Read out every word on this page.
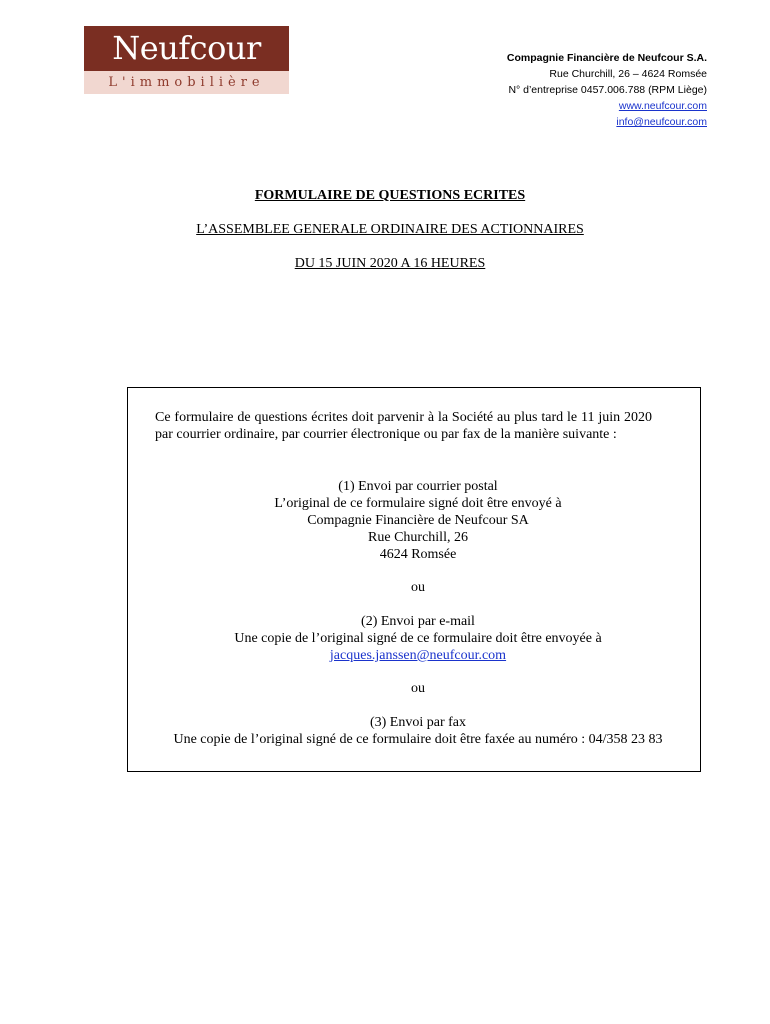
Neufcour
L'immobilière
Compagnie Financière de Neufcour S.A.
Rue Churchill, 26 – 4624 Romsée
N° d’entreprise 0457.006.788 (RPM Liège)
www.neufcour.com
info@neufcour.com
FORMULAIRE DE QUESTIONS ECRITES
L’ASSEMBLEE GENERALE ORDINAIRE DES ACTIONNAIRES
DU 15 JUIN 2020 A 16 HEURES
Ce formulaire de questions écrites doit parvenir à la Société au plus tard le 11 juin 2020 par courrier ordinaire, par courrier électronique ou par fax de la manière suivante :
(1) Envoi par courrier postal
L’original de ce formulaire signé doit être envoyé à
Compagnie Financière de Neufcour SA
Rue Churchill, 26
4624 Romsée
ou
(2) Envoi par e-mail
Une copie de l’original signé de ce formulaire doit être envoyée à
jacques.janssen@neufcour.com
ou
(3) Envoi par fax
Une copie de l’original signé de ce formulaire doit être faxée au numéro : 04/358 23 83
